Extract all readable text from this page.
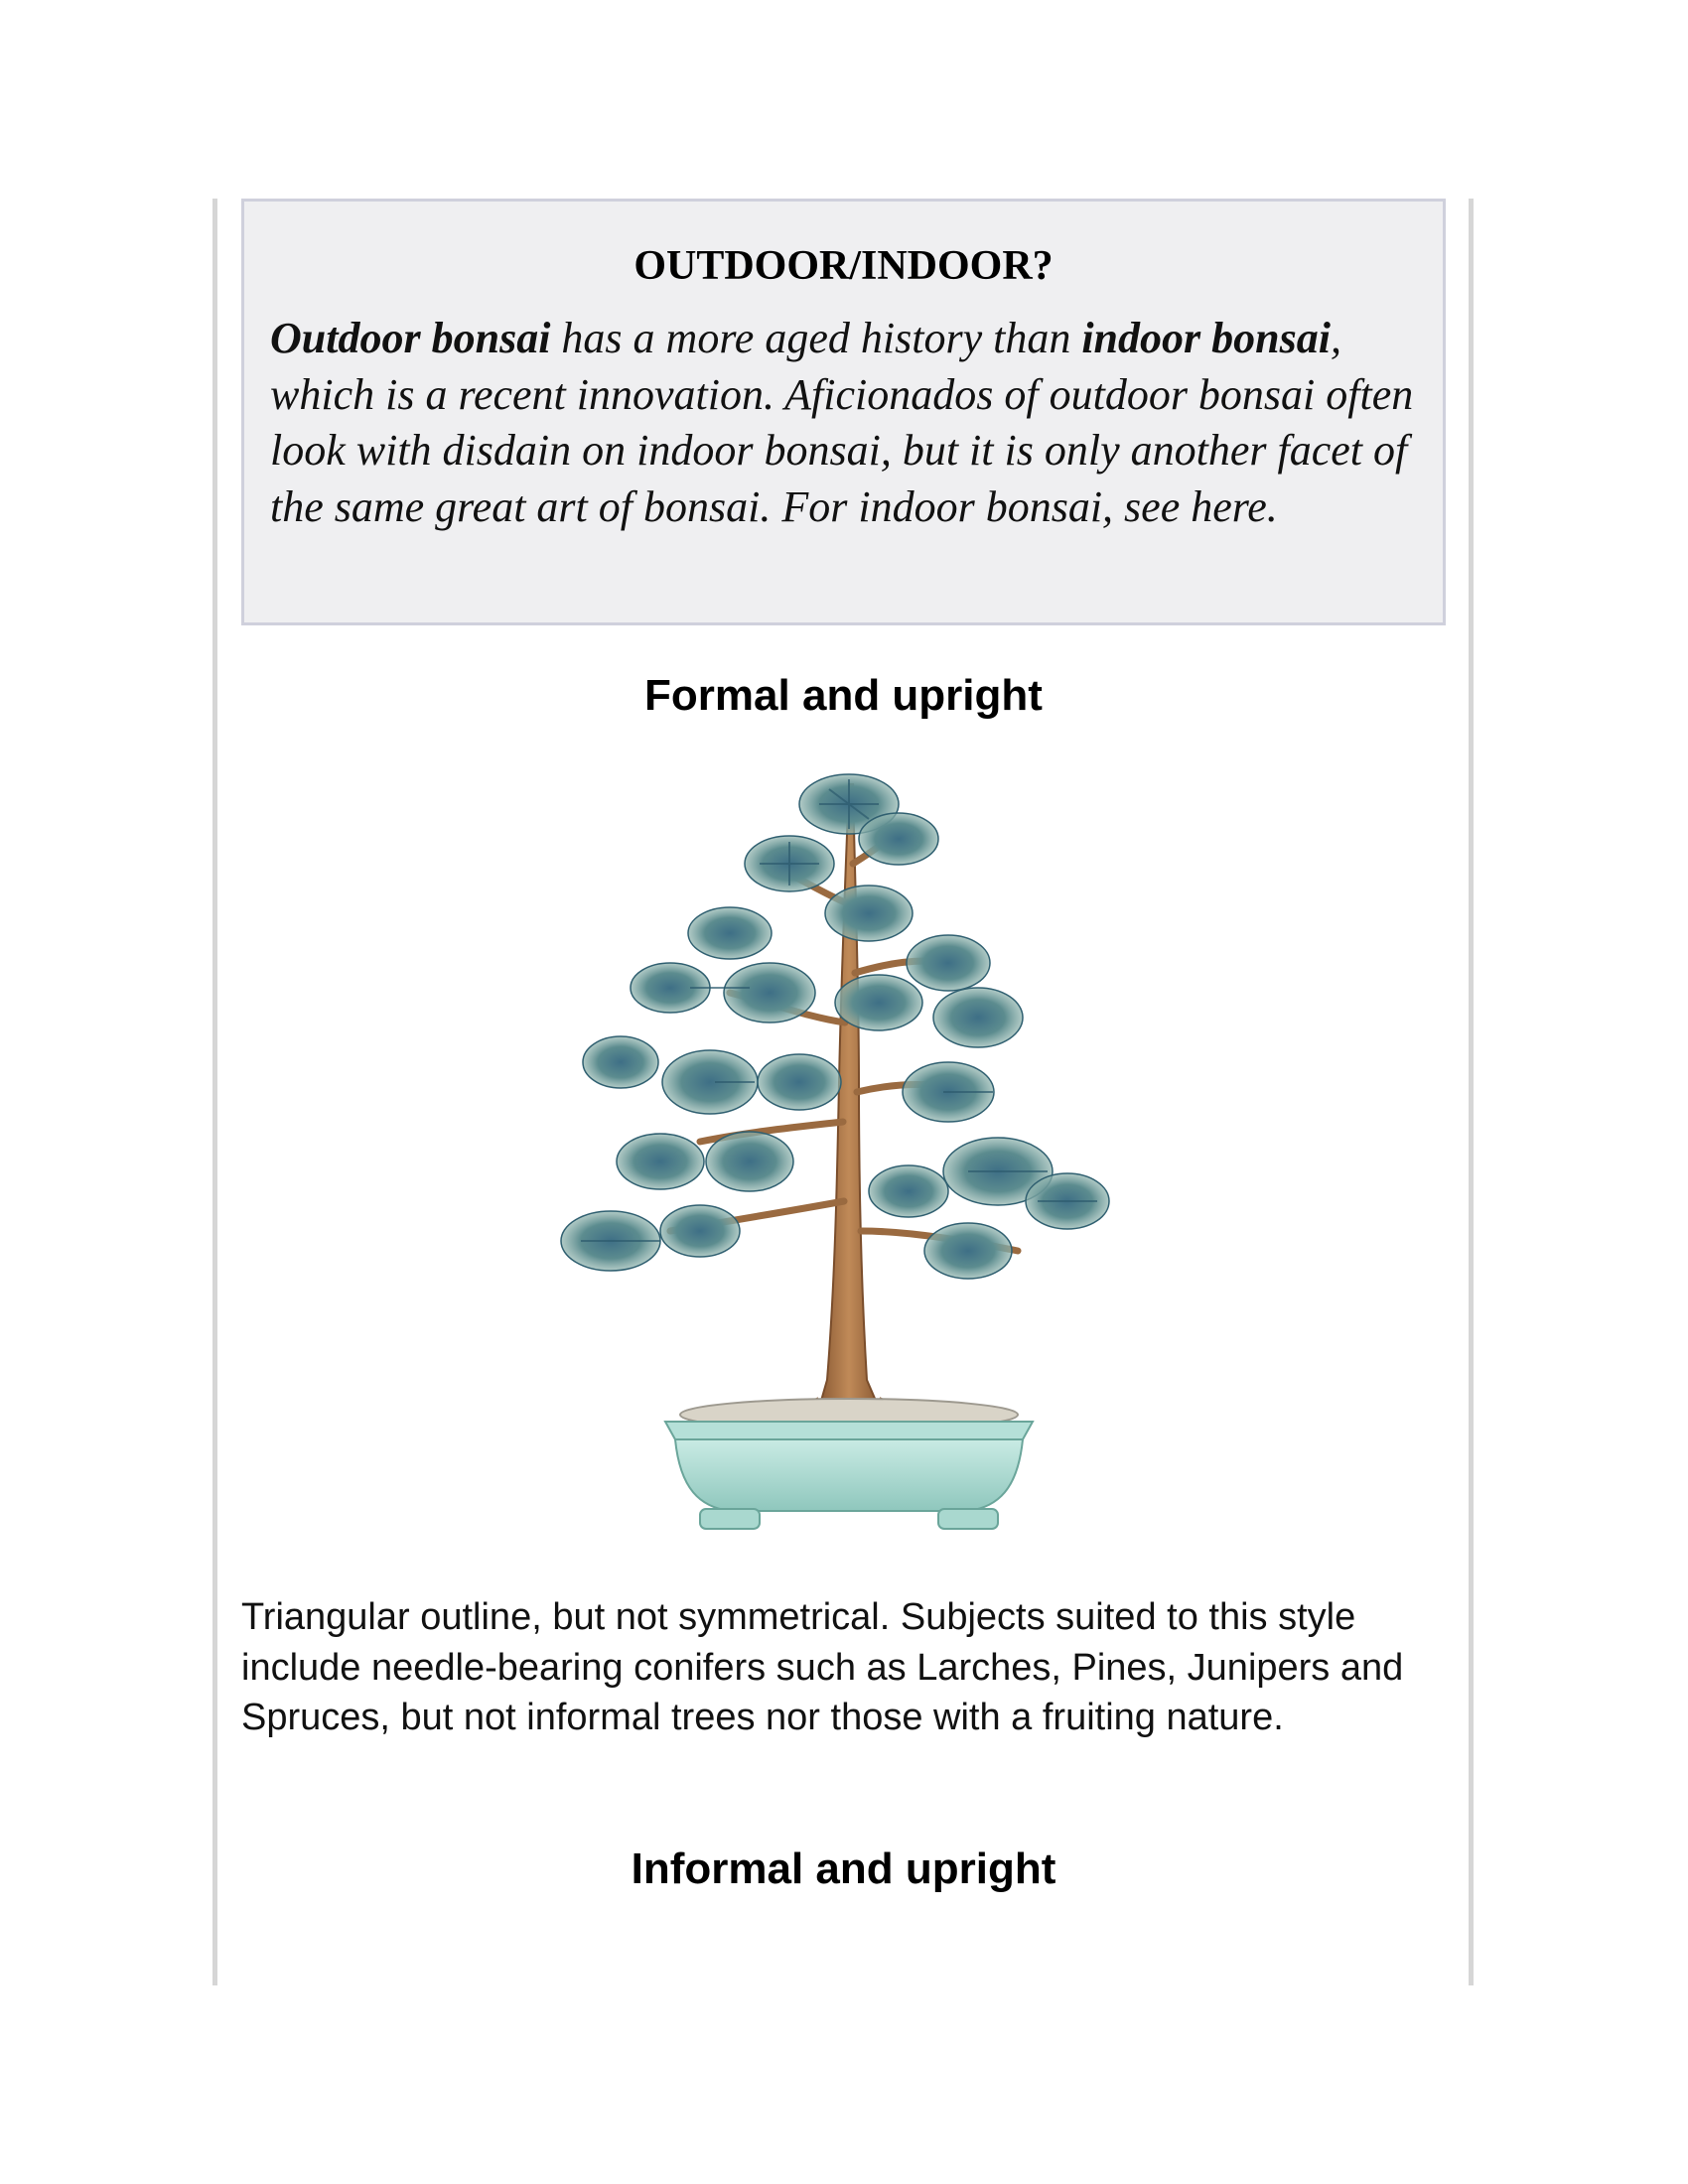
OUTDOOR/INDOOR?

Outdoor bonsai has a more aged history than indoor bonsai, which is a recent innovation. Aficionados of outdoor bonsai often look with disdain on indoor bonsai, but it is only another facet of the same great art of bonsai. For indoor bonsai, see here.

Formal and upright

Triangular outline, but not symmetrical. Subjects suited to this style include needle-bearing conifers such as Larches, Pines, Junipers and Spruces, but not informal trees nor those with a fruiting nature.

Informal and upright
